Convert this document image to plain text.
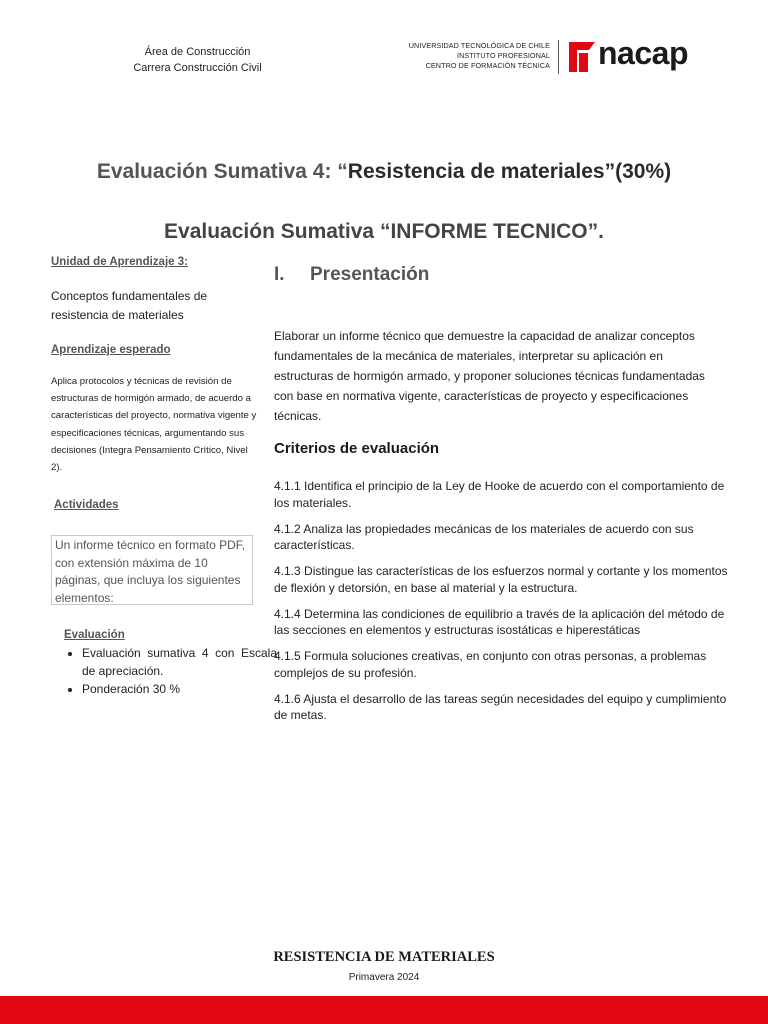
Área de Construcción
Carrera Construcción Civil
UNIVERSIDAD TECNOLÓGICA DE CHILE
INSTITUTO PROFESIONAL
CENTRO DE FORMACIÓN TÉCNICA nacap
Evaluación Sumativa 4: “Resistencia de materiales”(30%)
Evaluación Sumativa “INFORME TECNICO”.
Unidad de Aprendizaje 3:
Conceptos fundamentales de resistencia de materiales
Aprendizaje esperado
Aplica protocolos y técnicas de revisión de estructuras de hormigón armado, de acuerdo a características del proyecto, normativa vigente y especificaciones técnicas, argumentando sus decisiones (Integra Pensamiento Crítico, Nivel 2).
Actividades
Un informe técnico en formato PDF, con extensión máxima de 10 páginas, que incluya los siguientes elementos:
Evaluación
• Evaluación sumativa 4 con Escala de apreciación.
• Ponderación 30 %
I. Presentación
Elaborar un informe técnico que demuestre la capacidad de analizar conceptos fundamentales de la mecánica de materiales, interpretar su aplicación en estructuras de hormigón armado, y proponer soluciones técnicas fundamentadas con base en normativa vigente, características de proyecto y especificaciones técnicas.
Criterios de evaluación
4.1.1 Identifica el principio de la Ley de Hooke de acuerdo con el comportamiento de los materiales.
4.1.2 Analiza las propiedades mecánicas de los materiales de acuerdo con sus características.
4.1.3 Distingue las características de los esfuerzos normal y cortante y los momentos de flexión y detorsión, en base al material y la estructura.
4.1.4 Determina las condiciones de equilibrio a través de la aplicación del método de las secciones en elementos y estructuras isostáticas e hiperestáticas
4.1.5 Formula soluciones creativas, en conjunto con otras personas, a problemas complejos de su profesión.
4.1.6 Ajusta el desarrollo de las tareas según necesidades del equipo y cumplimiento de metas.
RESISTENCIA DE MATERIALES
Primavera 2024
